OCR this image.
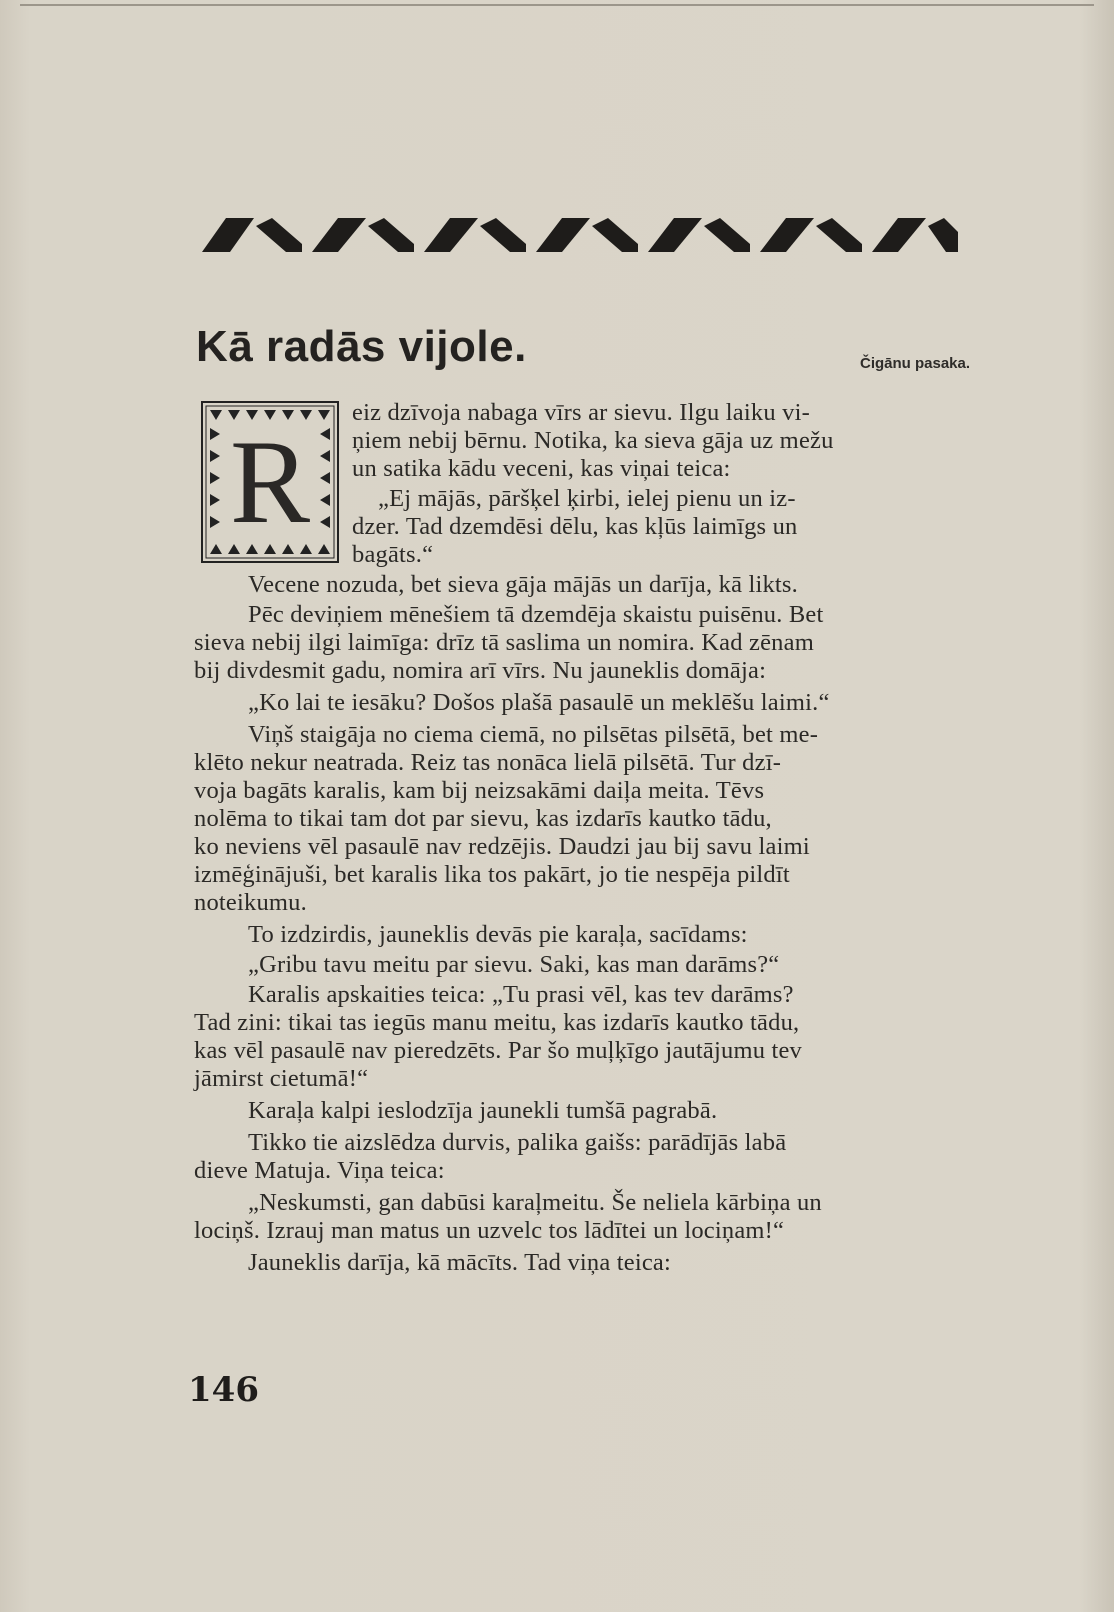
Kā radās vijole.	Čigānu pasaka.
R
eiz dzīvoja nabaga vīrs ar sievu. Ilgu laiku vi-
ņiem nebij bērnu. Notika, ka sieva gāja uz mežu
un satika kādu veceni, kas viņai teica:
„Ej mājās, pāršķel ķirbi, ielej pienu un iz-
dzer. Tad dzemdēsi dēlu, kas kļūs laimīgs un
bagāts.“
Vecene nozuda, bet sieva gāja mājās un darīja, kā likts.
Pēc deviņiem mēnešiem tā dzemdēja skaistu puisēnu. Bet
sieva nebij ilgi laimīga: drīz tā saslima un nomira. Kad zēnam
bij divdesmit gadu, nomira arī vīrs. Nu jauneklis domāja:
„Ko lai te iesāku? Došos plašā pasaulē un meklēšu laimi.“
Viņš staigāja no ciema ciemā, no pilsētas pilsētā, bet me-
klēto nekur neatrada. Reiz tas nonāca lielā pilsētā. Tur dzī-
voja bagāts karalis, kam bij neizsakāmi daiļa meita. Tēvs
nolēma to tikai tam dot par sievu, kas izdarīs kautko tādu,
ko neviens vēl pasaulē nav redzējis. Daudzi jau bij savu laimi
izmēģinājuši, bet karalis lika tos pakārt, jo tie nespēja pildīt
noteikumu.
To izdzirdis, jauneklis devās pie karaļa, sacīdams:
„Gribu tavu meitu par sievu. Saki, kas man darāms?“
Karalis apskaities teica: „Tu prasi vēl, kas tev darāms?
Tad zini: tikai tas iegūs manu meitu, kas izdarīs kautko tādu,
kas vēl pasaulē nav pieredzēts. Par šo muļķīgo jautājumu tev
jāmirst cietumā!“
Karaļa kalpi ieslodzīja jaunekli tumšā pagrabā.
Tikko tie aizslēdza durvis, palika gaišs: parādījās labā
dieve Matuja. Viņa teica:
„Neskumsti, gan dabūsi karaļmeitu. Še neliela kārbiņa un
lociņš. Izrauj man matus un uzvelc tos lādītei un lociņam!“
Jauneklis darīja, kā mācīts. Tad viņa teica:
146
